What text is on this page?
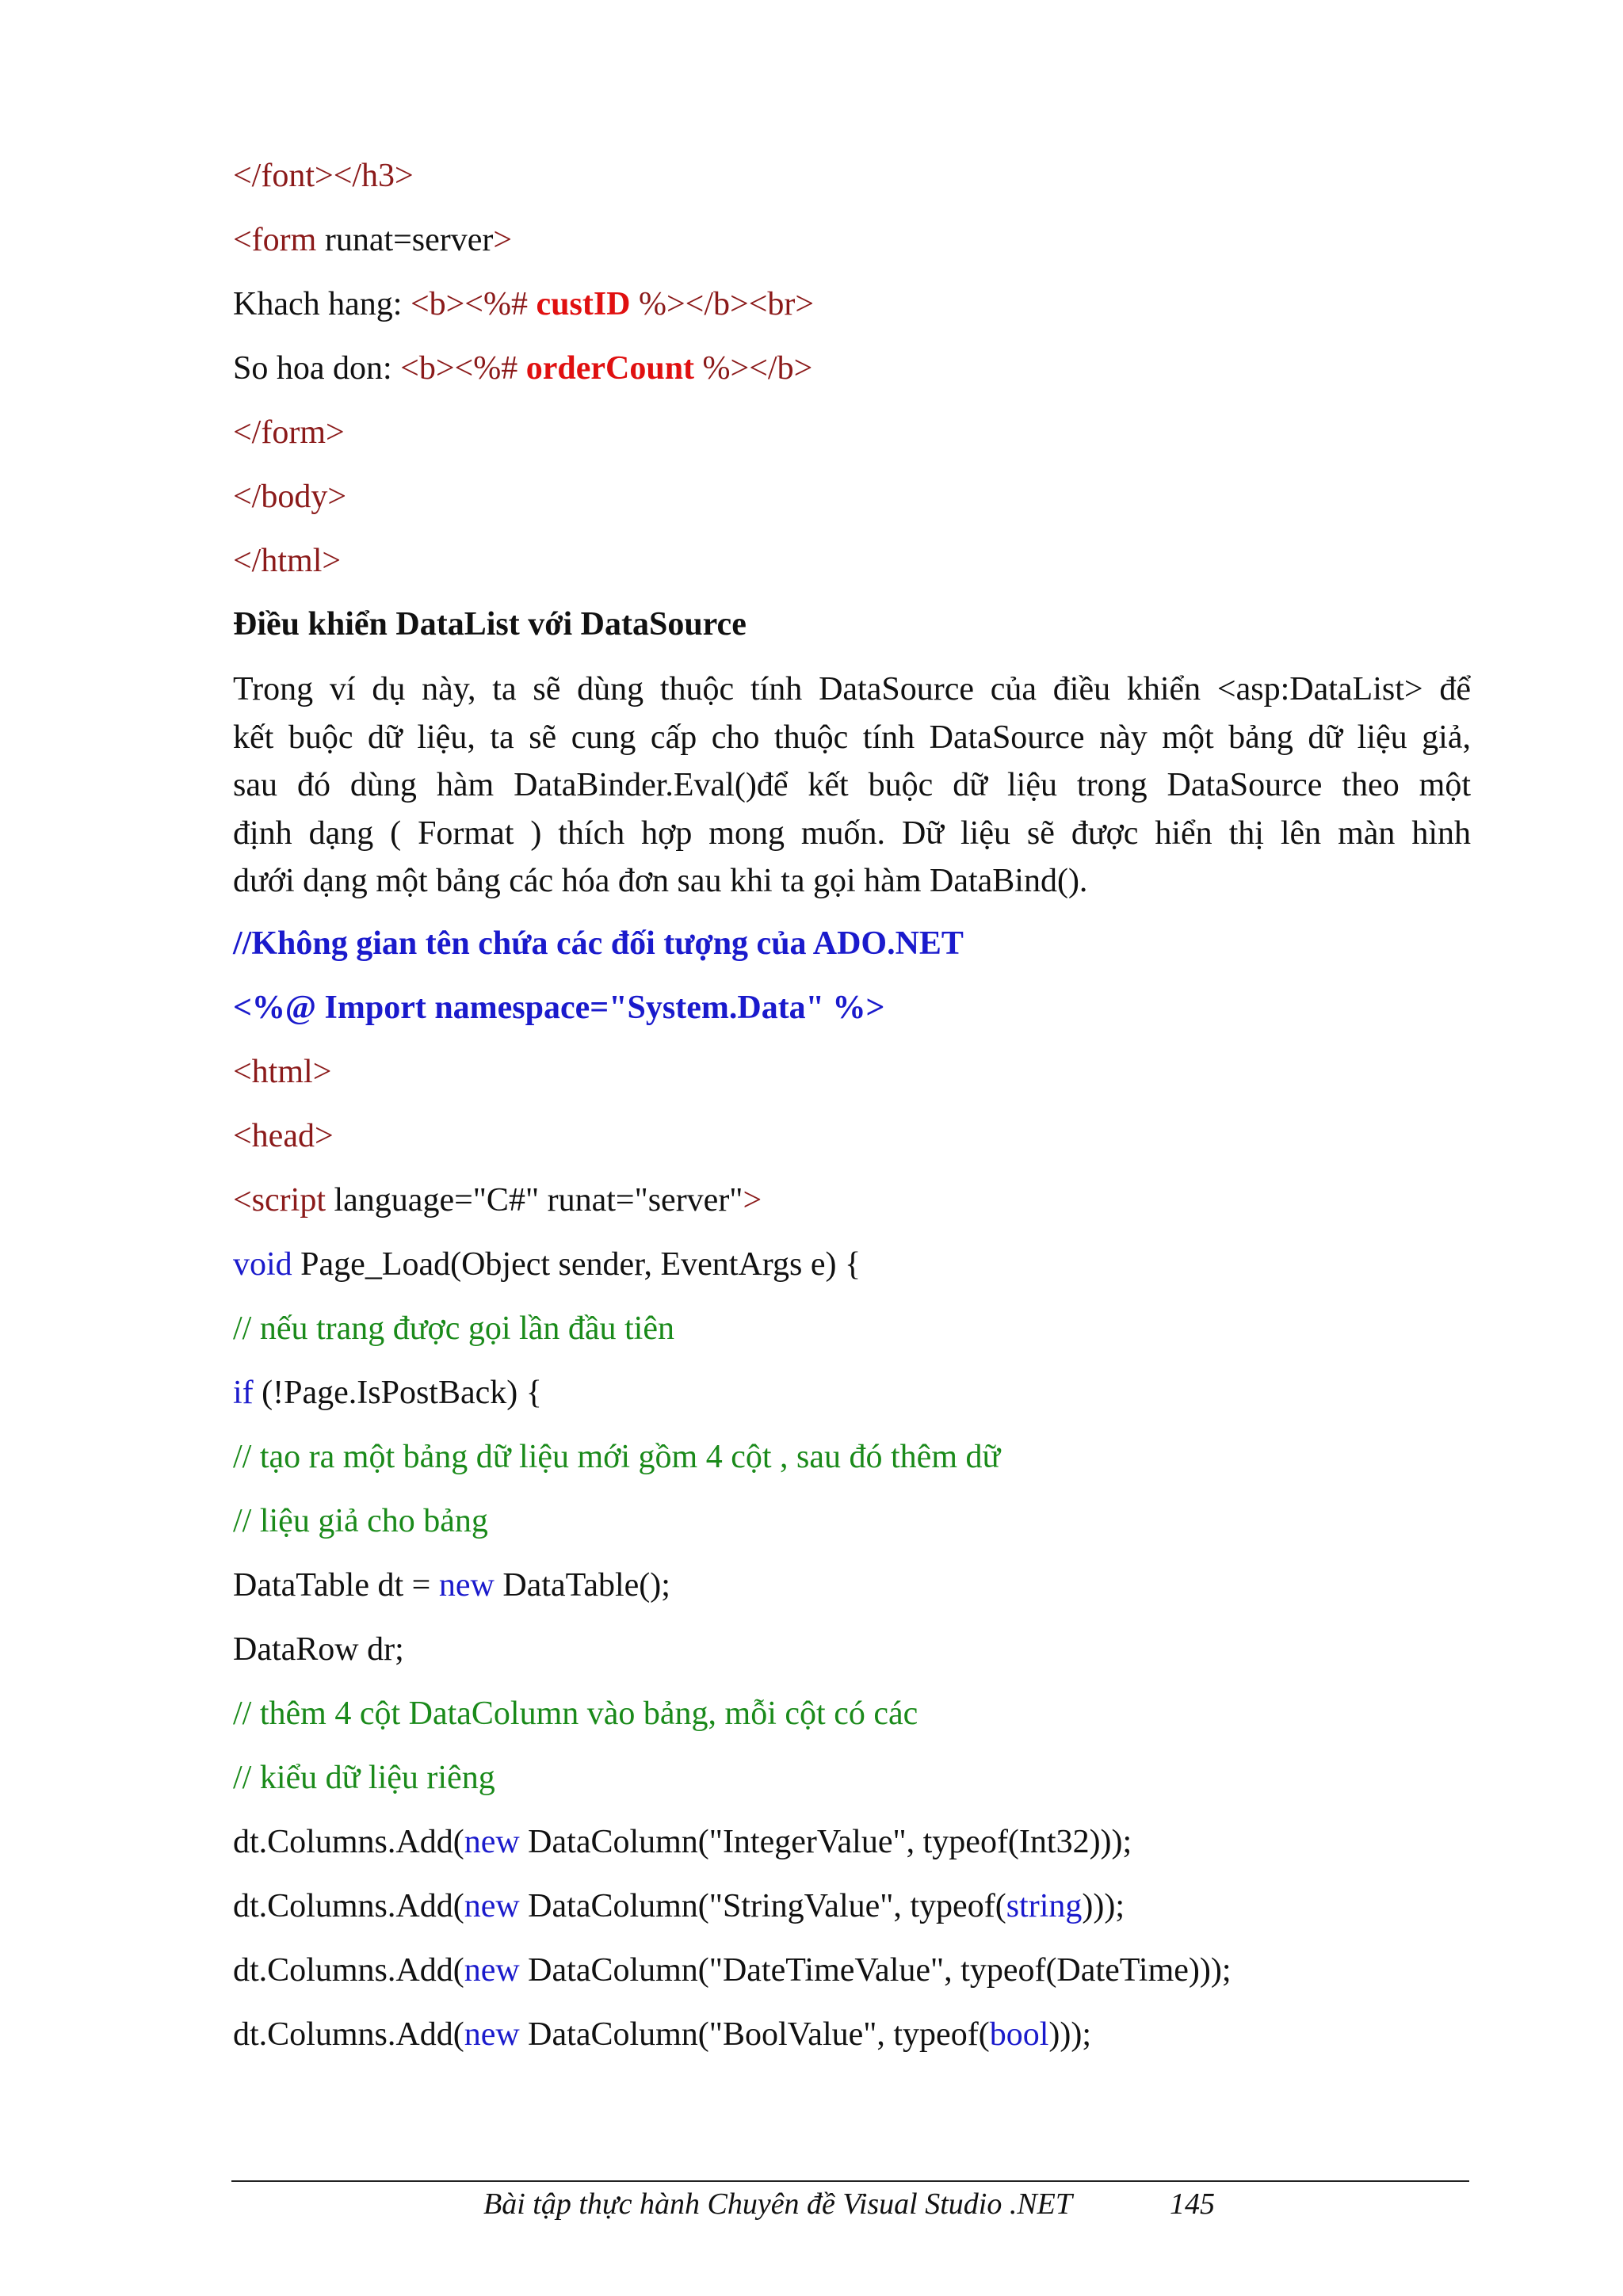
</font></h3>
<form runat=server>
Khach hang: <b><%# custID %></b><br>
So hoa don: <b><%# orderCount %></b>
</form>
</body>
</html>
Điều khiển DataList với DataSource
Trong ví dụ này, ta sẽ dùng thuộc tính DataSource của điều khiển <asp:DataList> để
kết buộc dữ liệu, ta sẽ cung cấp cho thuộc tính DataSource này một bảng dữ liệu giả,
sau đó dùng hàm DataBinder.Eval()để kết buộc dữ liệu trong DataSource theo một
định dạng ( Format ) thích hợp mong muốn. Dữ liệu sẽ được hiển thị lên màn hình
dưới dạng một bảng các hóa đơn sau khi ta gọi hàm DataBind().
//Không gian tên chứa các đối tượng của ADO.NET
<%@ Import namespace="System.Data" %>
<html>
<head>
<script language="C#" runat="server">
void Page_Load(Object sender, EventArgs e) {
// nếu trang được gọi lần đầu tiên
if (!Page.IsPostBack) {
// tạo ra một bảng dữ liệu mới gồm 4 cột , sau đó thêm dữ
// liệu giả cho bảng
DataTable dt = new DataTable();
DataRow dr;
// thêm 4 cột DataColumn vào bảng, mỗi cột có các
// kiểu dữ liệu riêng
dt.Columns.Add(new DataColumn("IntegerValue", typeof(Int32)));
dt.Columns.Add(new DataColumn("StringValue", typeof(string)));
dt.Columns.Add(new DataColumn("DateTimeValue", typeof(DateTime)));
dt.Columns.Add(new DataColumn("BoolValue", typeof(bool)));
Bài tập thực hành Chuyên đề Visual Studio .NET	145
